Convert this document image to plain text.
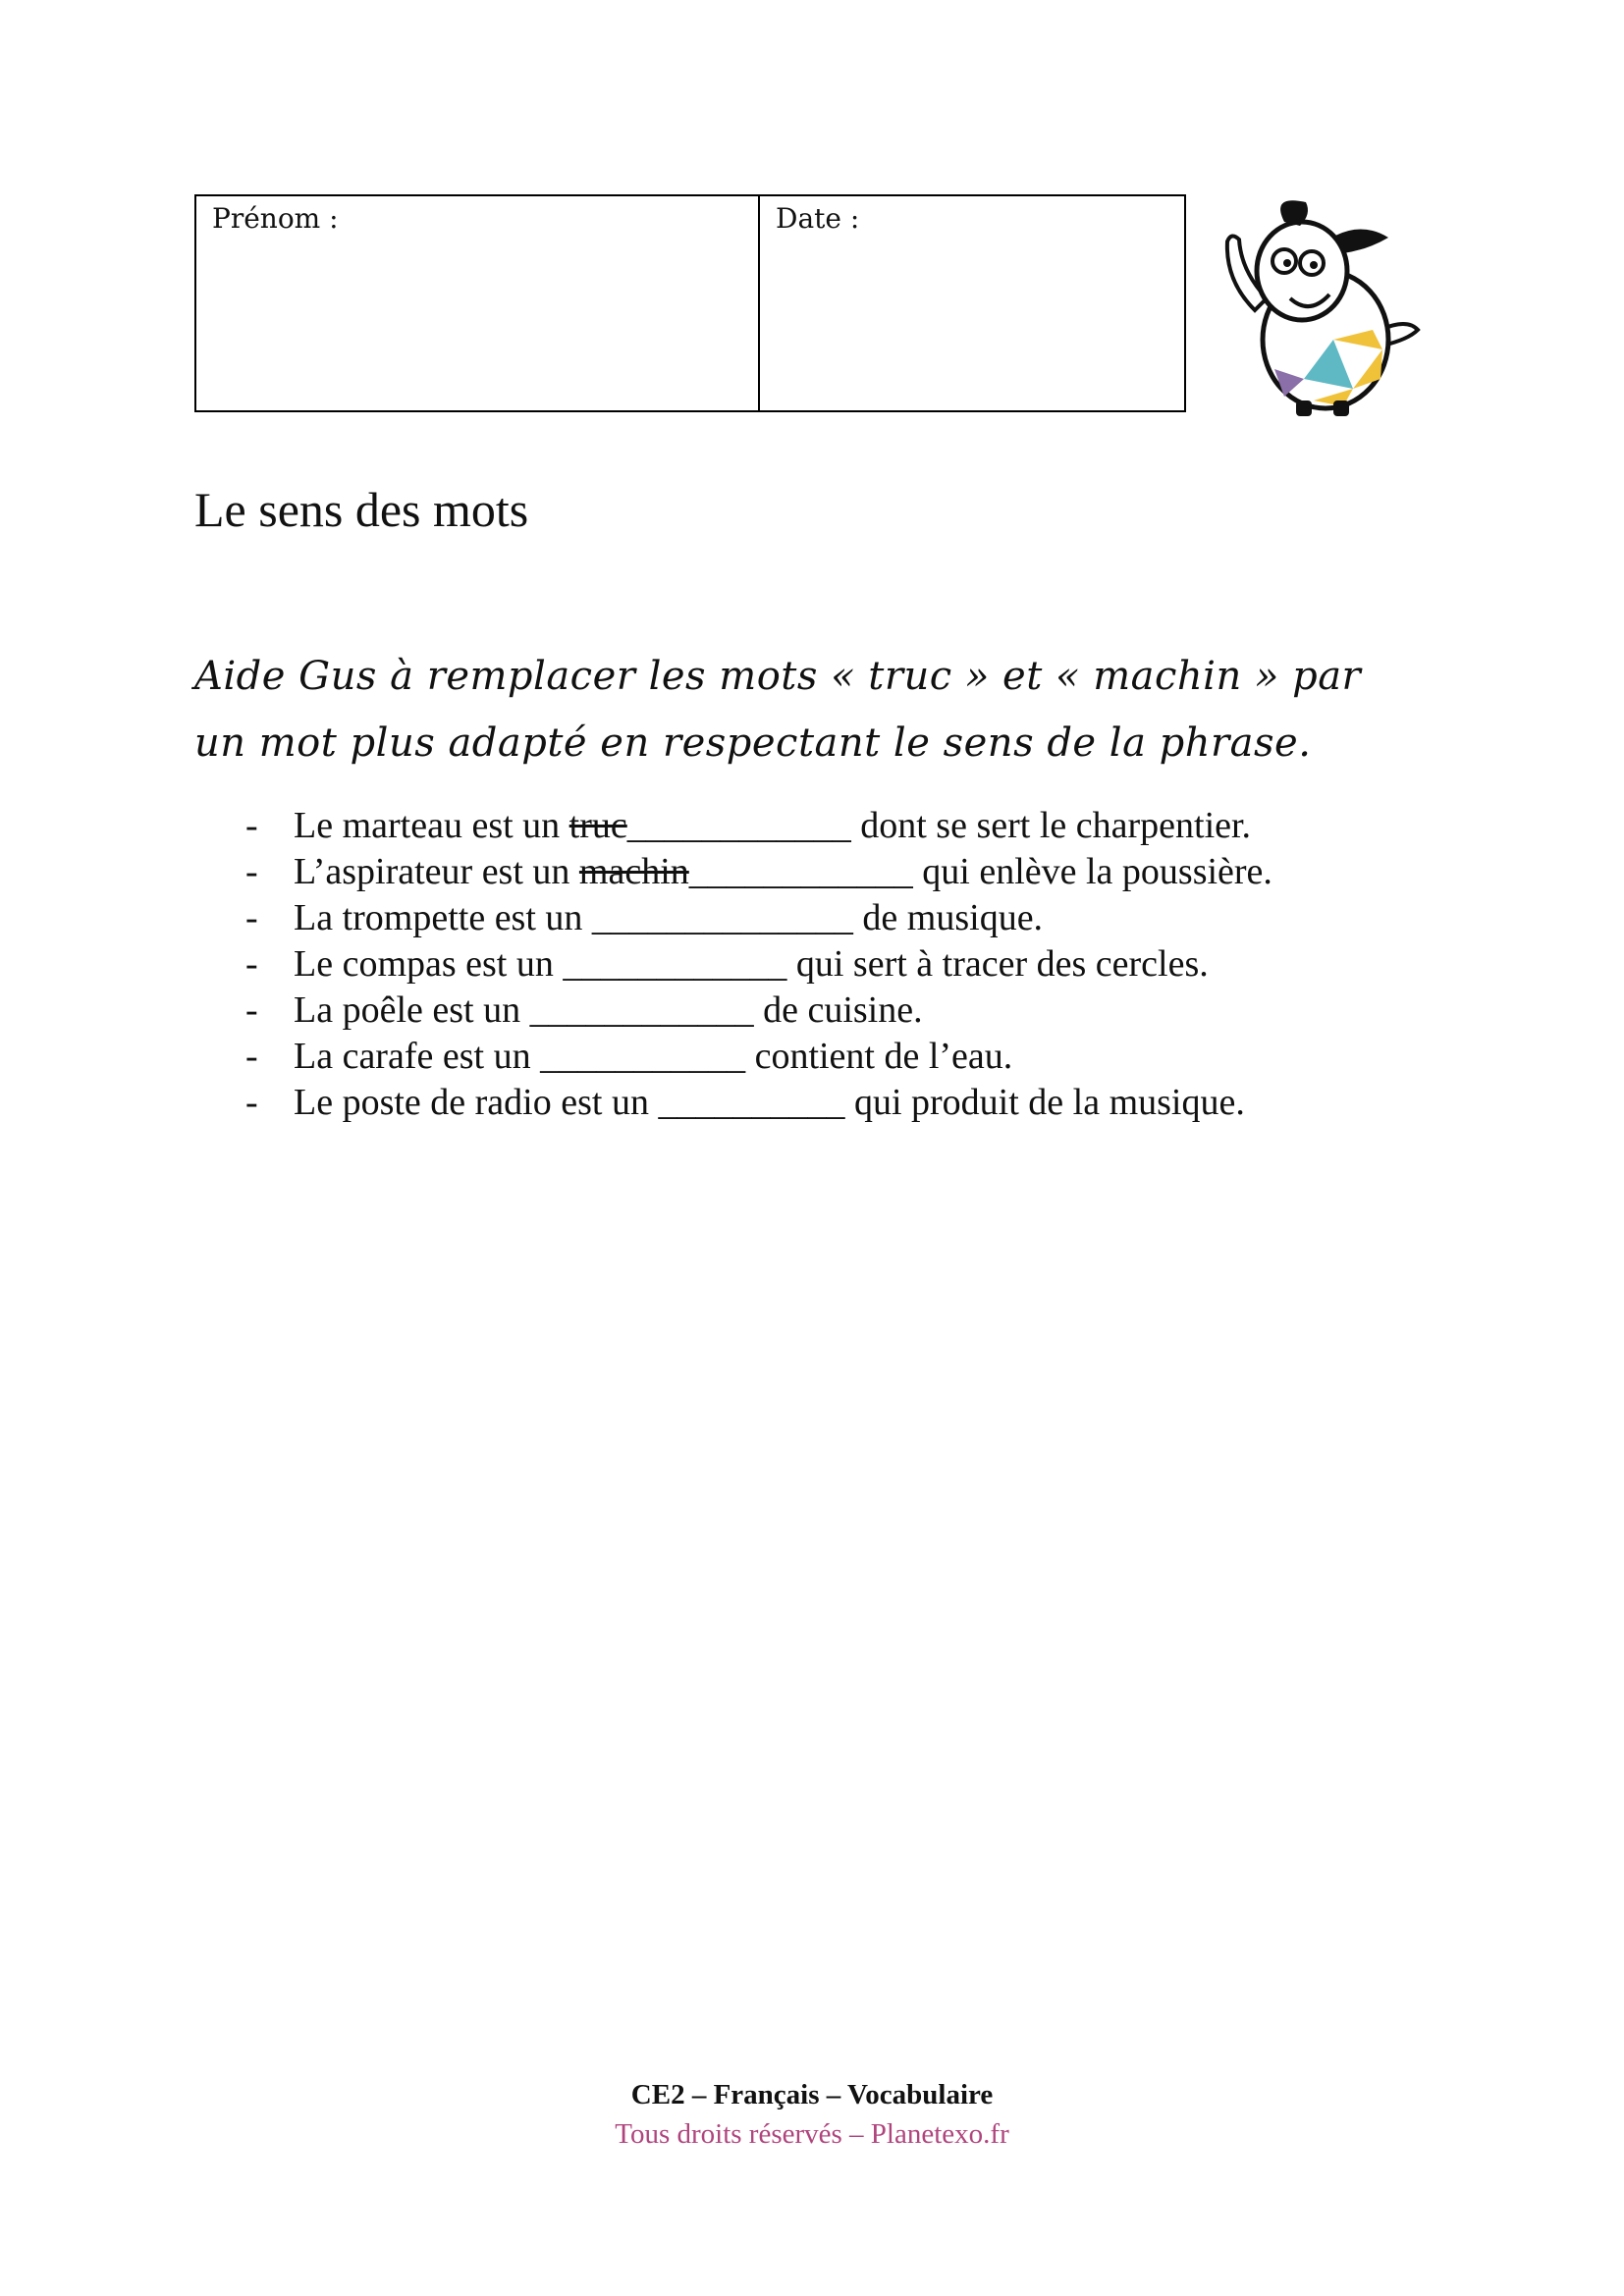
Prénom :	Date :
Le sens des mots
Aide Gus à remplacer les mots « truc » et « machin » par
un mot plus adapté en respectant le sens de la phrase.
- Le marteau est un truc ____________ dont se sert le charpentier.
- L’aspirateur est un machin ____________ qui enlève la poussière.
- La trompette est un ______________ de musique.
- Le compas est un ____________ qui sert à tracer des cercles.
- La poêle est un ____________ de cuisine.
- La carafe est un ___________ contient de l’eau.
- Le poste de radio est un __________ qui produit de la musique.
CE2 – Français – Vocabulaire
Tous droits réservés – Planetexo.fr
